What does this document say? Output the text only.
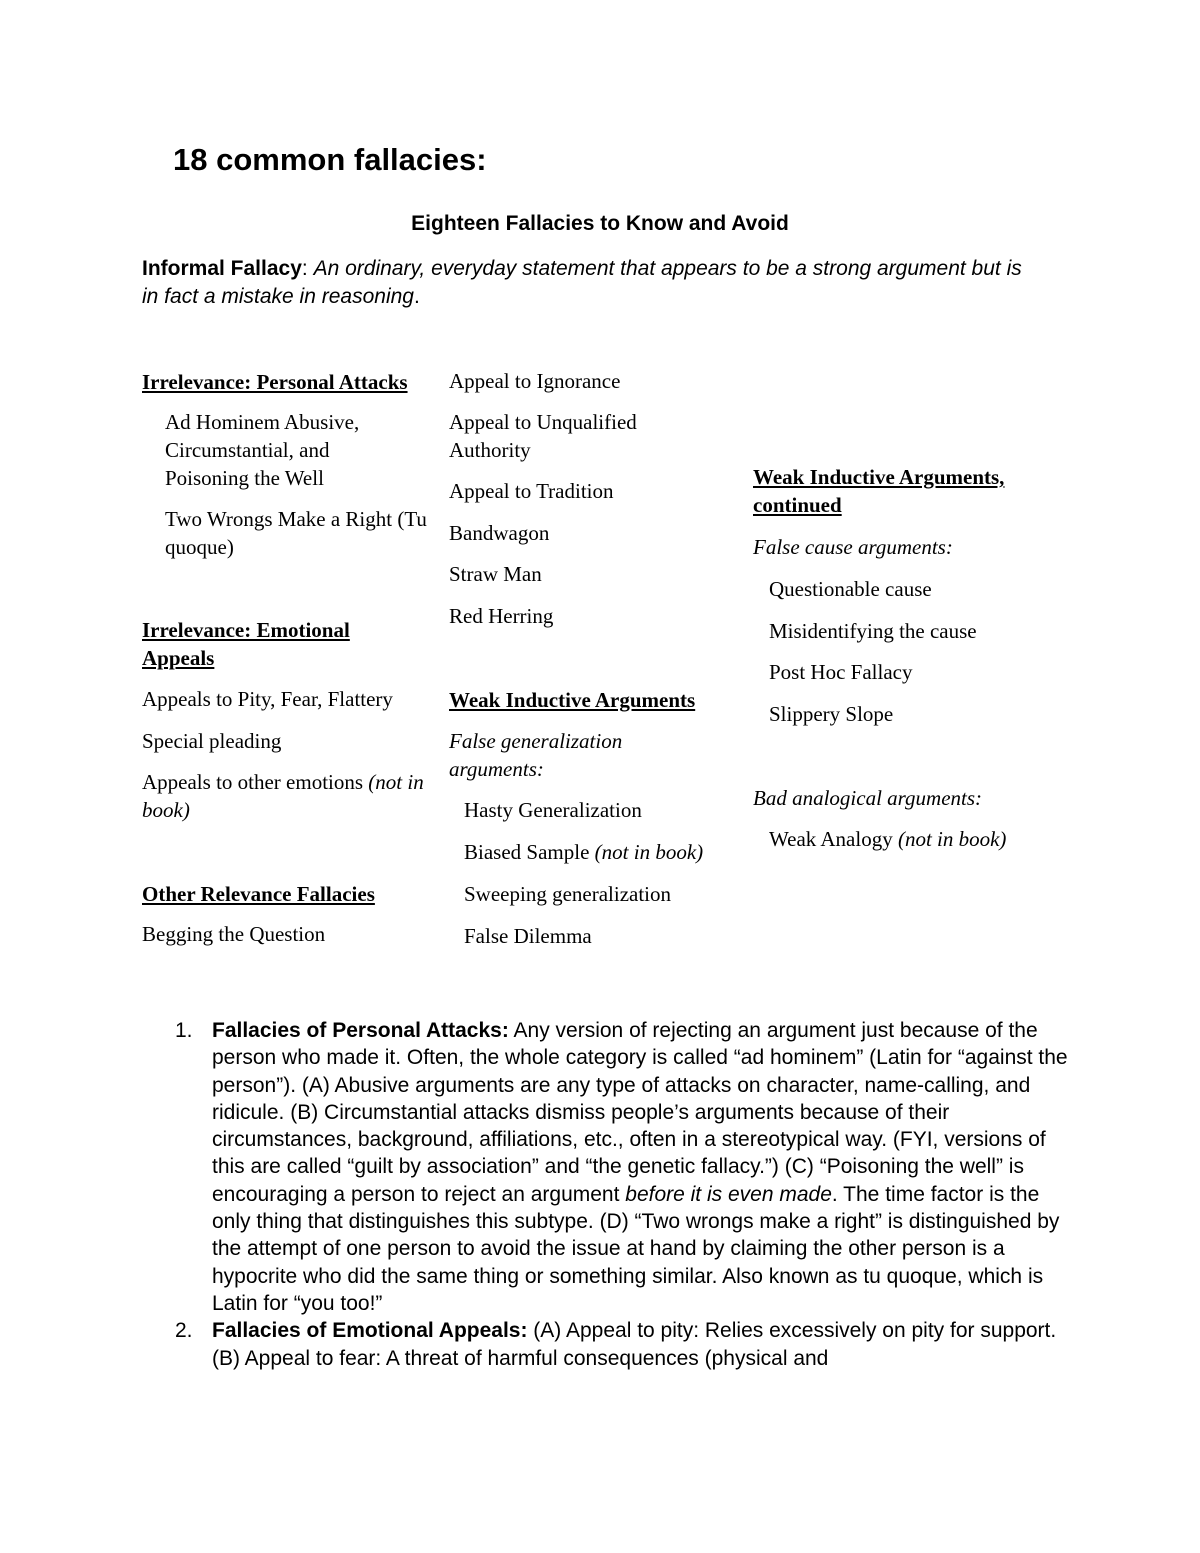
18 common fallacies:
Eighteen Fallacies to Know and Avoid
Informal Fallacy: An ordinary, everyday statement that appears to be a strong argument but is in fact a mistake in reasoning.
Irrelevance: Personal Attacks
Ad Hominem Abusive, Circumstantial, and Poisoning the Well
Two Wrongs Make a Right (Tu quoque)
Irrelevance: Emotional Appeals
Appeals to Pity, Fear, Flattery
Special pleading
Appeals to other emotions (not in book)
Other Relevance Fallacies
Begging the Question
Appeal to Ignorance
Appeal to Unqualified Authority
Appeal to Tradition
Bandwagon
Straw Man
Red Herring
Weak Inductive Arguments
False generalization arguments:
Hasty Generalization
Biased Sample (not in book)
Sweeping generalization
False Dilemma
Weak Inductive Arguments, continued
False cause arguments:
Questionable cause
Misidentifying the cause
Post Hoc Fallacy
Slippery Slope
Bad analogical arguments:
Weak Analogy (not in book)
1. Fallacies of Personal Attacks: Any version of rejecting an argument just because of the person who made it. Often, the whole category is called “ad hominem” (Latin for “against the person”). (A) Abusive arguments are any type of attacks on character, name-calling, and ridicule. (B) Circumstantial attacks dismiss people’s arguments because of their circumstances, background, affiliations, etc., often in a stereotypical way. (FYI, versions of this are called “guilt by association” and “the genetic fallacy.”) (C) “Poisoning the well” is encouraging a person to reject an argument before it is even made. The time factor is the only thing that distinguishes this subtype. (D) “Two wrongs make a right” is distinguished by the attempt of one person to avoid the issue at hand by claiming the other person is a hypocrite who did the same thing or something similar. Also known as tu quoque, which is Latin for “you too!”
2. Fallacies of Emotional Appeals: (A) Appeal to pity: Relies excessively on pity for support. (B) Appeal to fear: A threat of harmful consequences (physical and
